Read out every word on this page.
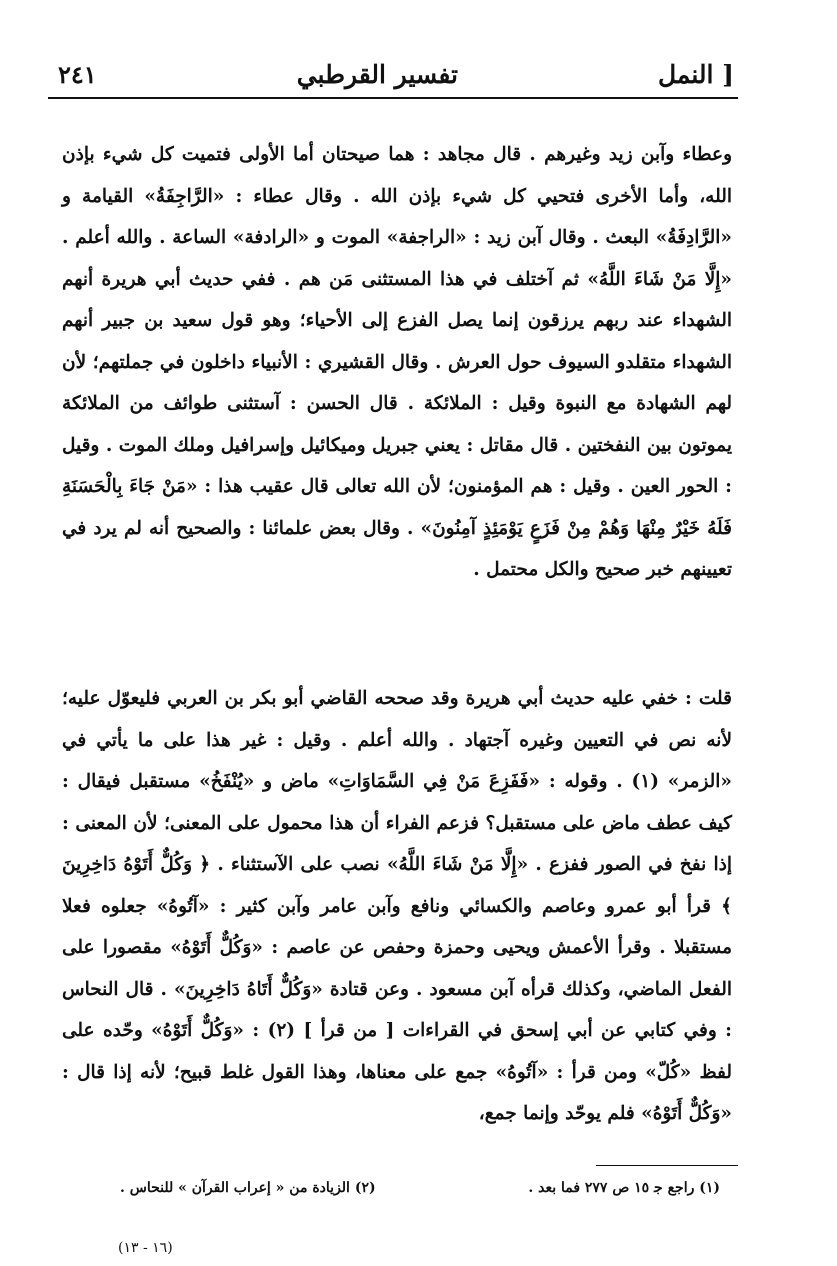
٢٤١	تفسير القرطبي	النمل ]
وعطاء وآبن زيد وغيرهم . قال مجاهد : هما صيحتان أما الأولى فتميت كل شيء بإذن الله، وأما الأخرى فتحيي كل شيء بإذن الله . وقال عطاء : «الرَّاجِفَةُ» القيامة و «الرَّادِفَةُ» البعث . وقال آبن زيد : «الراجفة» الموت و «الرادفة» الساعة . والله أعلم . «إِلَّا مَنْ شَاءَ اللَّهُ» ثم آختلف في هذا المستثنى مَن هم . ففي حديث أبي هريرة أنهم الشهداء عند ربهم يرزقون إنما يصل الفزع إلى الأحياء؛ وهو قول سعيد بن جبير أنهم الشهداء متقلدو السيوف حول العرش . وقال القشيري : الأنبياء داخلون في جملتهم؛ لأن لهم الشهادة مع النبوة وقيل : الملائكة . قال الحسن : آستثنى طوائف من الملائكة يموتون بين النفختين . قال مقاتل : يعني جبريل وميكائيل وإسرافيل وملك الموت . وقيل : الحور العين . وقيل : هم المؤمنون؛ لأن الله تعالى قال عقيب هذا : «مَنْ جَاءَ بِالْحَسَنَةِ فَلَهُ خَيْرٌ مِنْهَا وَهُمْ مِنْ فَزَعٍ يَوْمَئِذٍ آمِنُونَ» . وقال بعض علمائنا : والصحيح أنه لم يرد في تعيينهم خبر صحيح والكل محتمل .
قلت : خفي عليه حديث أبي هريرة وقد صححه القاضي أبو بكر بن العربي فليعوّل عليه؛ لأنه نص في التعيين وغيره آجتهاد . والله أعلم . وقيل : غير هذا على ما يأتي في «الزمر» (١) . وقوله : «فَفَزِعَ مَنْ فِي السَّمَاوَاتِ» ماض و «يُنْفَخُ» مستقبل فيقال : كيف عطف ماض على مستقبل؟ فزعم الفراء أن هذا محمول على المعنى؛ لأن المعنى : إذا نفخ في الصور ففزع . «إِلَّا مَنْ شَاءَ اللَّهُ» نصب على الآستثناء . ﴿ وَكُلٌّ أَتَوْهُ دَاخِرِينَ ﴾ قرأ أبو عمرو وعاصم والكسائي ونافع وآبن عامر وآبن كثير : «آتُوهُ» جعلوه فعلا مستقبلا . وقرأ الأعمش ويحيى وحمزة وحفص عن عاصم : «وَكُلٌّ أَتَوْهُ» مقصورا على الفعل الماضي، وكذلك قرأه آبن مسعود . وعن قتادة «وَكُلٌّ أَتَاهُ دَاخِرِينَ» . قال النحاس : وفي كتابي عن أبي إسحق في القراءات [ من قرأ ] (٢) : «وَكُلٌّ أَتَوْهُ» وحّده على لفظ «كُلّ» ومن قرأ : «آتُوهُ» جمع على معناها، وهذا القول غلط قبيح؛ لأنه إذا قال : «وَكُلٌّ أَتَوْهُ» فلم يوحّد وإنما جمع،
(١) راجع ﺟ ١٥ ص ٢٧٧ فما بعد .
(٢) الزيادة من « إعراب القرآن » للنحاس .
(١٦ - ١٣)
